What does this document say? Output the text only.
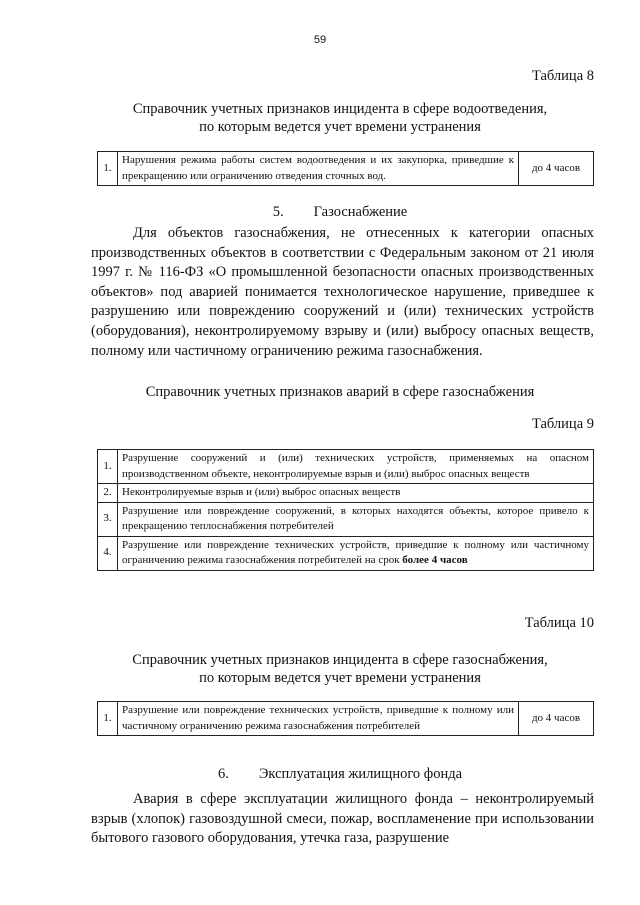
59
Таблица 8
Справочник учетных признаков инцидента в сфере водоотведения,
по которым ведется учет времени устранения
1.	Нарушения режима работы систем водоотведения и их закупорка, приведшие к прекращению или ограничению отведения сточных вод.	до 4 часов
5. Газоснабжение
Для объектов газоснабжения, не отнесенных к категории опасных производственных объектов в соответствии с Федеральным законом от 21 июля 1997 г. № 116-ФЗ «О промышленной безопасности опасных производственных объектов» под аварией понимается технологическое нарушение, приведшее к разрушению или повреждению сооружений и (или) технических устройств (оборудования), неконтролируемому взрыву и (или) выбросу опасных веществ, полному или частичному ограничению режима газоснабжения.
Справочник учетных признаков аварий в сфере газоснабжения
Таблица 9
1.	Разрушение сооружений и (или) технических устройств, применяемых на опасном производственном объекте, неконтролируемые взрыв и (или) выброс опасных веществ
2.	Неконтролируемые взрыв и (или) выброс опасных веществ
3.	Разрушение или повреждение сооружений, в которых находятся объекты, которое привело к прекращению теплоснабжения потребителей
4.	Разрушение или повреждение технических устройств, приведшие к полному или частичному ограничению режима газоснабжения потребителей на срок более 4 часов
Таблица 10
Справочник учетных признаков инцидента в сфере газоснабжения,
по которым ведется учет времени устранения
1.	Разрушение или повреждение технических устройств, приведшие к полному или частичному ограничению режима газоснабжения потребителей	до 4 часов
6. Эксплуатация жилищного фонда
Авария в сфере эксплуатации жилищного фонда – неконтролируемый взрыв (хлопок) газовоздушной смеси, пожар, воспламенение при использовании бытового газового оборудования, утечка газа, разрушение
